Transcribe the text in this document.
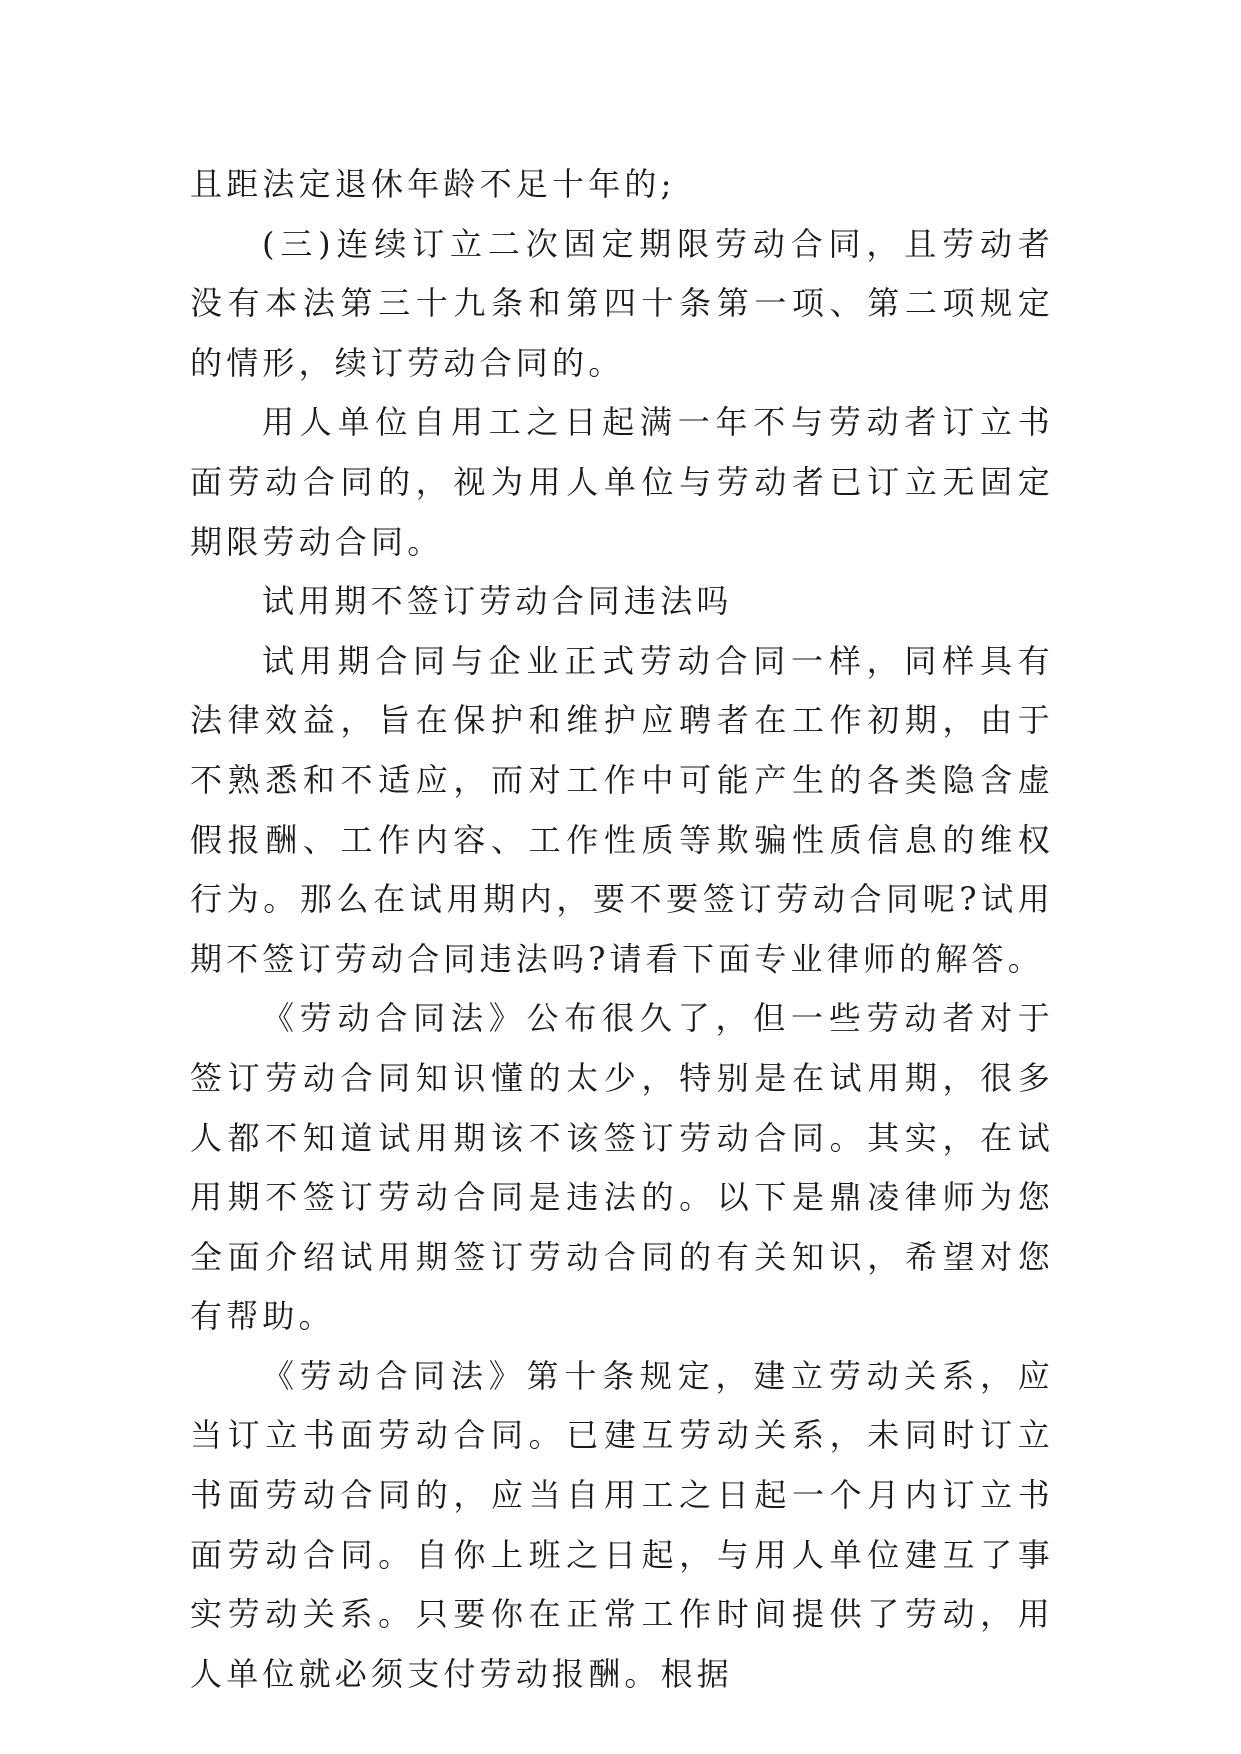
且距法定退休年龄不足十年的;

(三)连续订立二次固定期限劳动合同，且劳动者没有本法第三十九条和第四十条第一项、第二项规定的情形，续订劳动合同的。

用人单位自用工之日起满一年不与劳动者订立书面劳动合同的，视为用人单位与劳动者已订立无固定期限劳动合同。

试用期不签订劳动合同违法吗

试用期合同与企业正式劳动合同一样，同样具有法律效益，旨在保护和维护应聘者在工作初期，由于不熟悉和不适应，而对工作中可能产生的各类隐含虚假报酬、工作内容、工作性质等欺骗性质信息的维权行为。那么在试用期内，要不要签订劳动合同呢?试用期不签订劳动合同违法吗?请看下面专业律师的解答。

《劳动合同法》公布很久了，但一些劳动者对于签订劳动合同知识懂的太少，特别是在试用期，很多人都不知道试用期该不该签订劳动合同。其实，在试用期不签订劳动合同是违法的。以下是鼎凌律师为您全面介绍试用期签订劳动合同的有关知识，希望对您有帮助。

《劳动合同法》第十条规定，建立劳动关系，应当订立书面劳动合同。已建互劳动关系，未同时订立书面劳动合同的，应当自用工之日起一个月内订立书面劳动合同。自你上班之日起，与用人单位建互了事实劳动关系。只要你在正常工作时间提供了劳动，用人单位就必须支付劳动报酬。根据
